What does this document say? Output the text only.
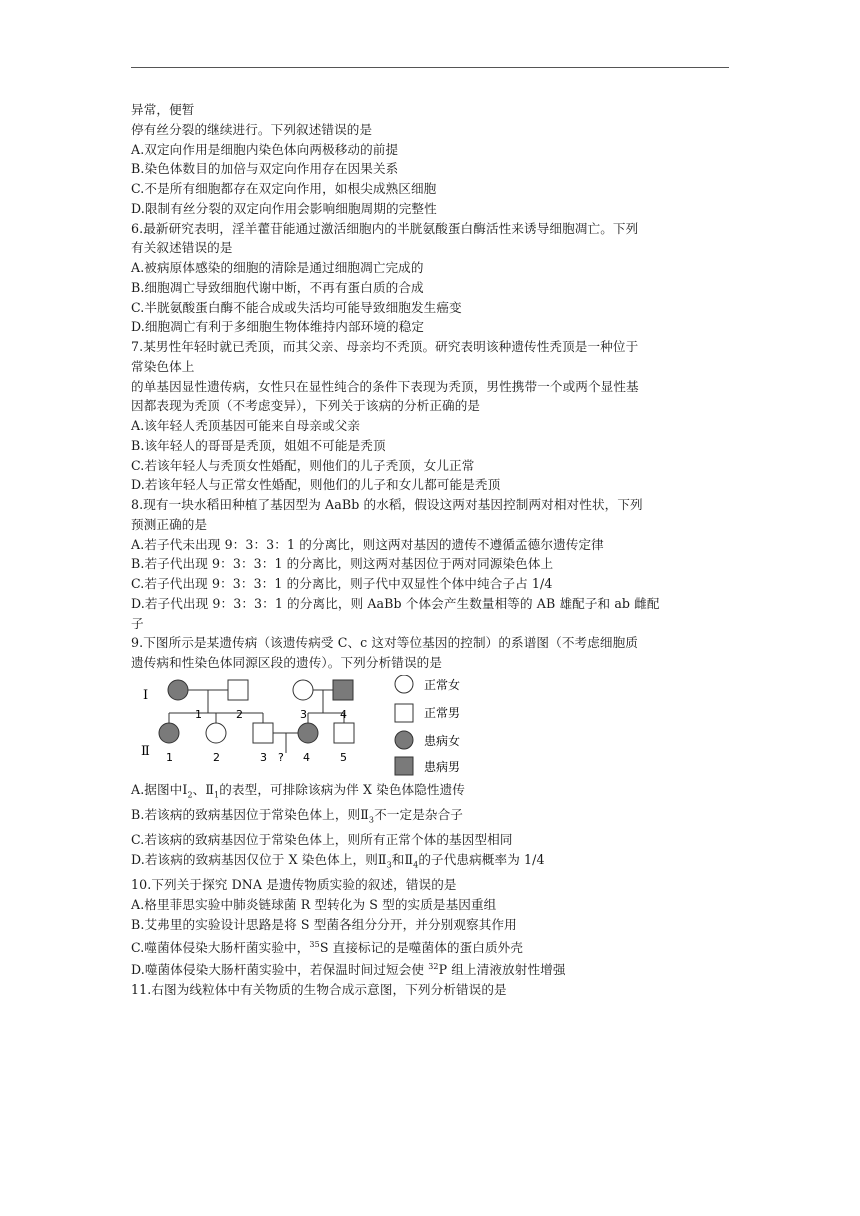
异常，便暂
停有丝分裂的继续进行。下列叙述错误的是
A.双定向作用是细胞内染色体向两极移动的前提
B.染色体数目的加倍与双定向作用存在因果关系
C.不是所有细胞都存在双定向作用，如根尖成熟区细胞
D.限制有丝分裂的双定向作用会影响细胞周期的完整性
6.最新研究表明，淫羊藿苷能通过激活细胞内的半胱氨酸蛋白酶活性来诱导细胞凋亡。下列
有关叙述错误的是
A.被病原体感染的细胞的清除是通过细胞凋亡完成的
B.细胞凋亡导致细胞代谢中断，不再有蛋白质的合成
C.半胱氨酸蛋白酶不能合成或失活均可能导致细胞发生癌变
D.细胞凋亡有利于多细胞生物体维持内部环境的稳定
7.某男性年轻时就已秃顶，而其父亲、母亲均不秃顶。研究表明该种遗传性秃顶是一种位于
常染色体上
的单基因显性遗传病，女性只在显性纯合的条件下表现为秃顶，男性携带一个或两个显性基
因都表现为秃顶（不考虑变异），下列关于该病的分析正确的是
A.该年轻人秃顶基因可能来自母亲或父亲
B.该年轻人的哥哥是秃顶，姐姐不可能是秃顶
C.若该年轻人与秃顶女性婚配，则他们的儿子秃顶，女儿正常
D.若该年轻人与正常女性婚配，则他们的儿子和女儿都可能是秃顶
8.现有一块水稻田种植了基因型为 AaBb 的水稻，假设这两对基因控制两对相对性状，下列
预测正确的是
A.若子代未出现 9：3：3：1 的分离比，则这两对基因的遗传不遵循孟德尔遗传定律
B.若子代出现 9：3：3：1 的分离比，则这两对基因位于两对同源染色体上
C.若子代出现 9：3：3：1 的分离比，则子代中双显性个体中纯合子占 1/4
D.若子代出现 9：3：3：1 的分离比，则 AaBb 个体会产生数量相等的 AB 雄配子和 ab 雌配
子
9.下图所示是某遗传病（该遗传病受 C、c 这对等位基因的控制）的系谱图（不考虑细胞质
遗传病和性染色体同源区段的遗传）。下列分析错误的是
Ⅰ
Ⅱ
1	2	3	4
1	2	3 ? 4	5
正常女
正常男
患病女
患病男
A.据图中$Ⅰ_2$、$Ⅱ_1$的表型，可排除该病为伴 X 染色体隐性遗传
B.若该病的致病基因位于常染色体上，则$Ⅱ_3$不一定是杂合子
C.若该病的致病基因位于常染色体上，则所有正常个体的基因型相同
D.若该病的致病基因仅位于 X 染色体上，则$Ⅱ_3$和$Ⅱ_4$的子代患病概率为 1/4
10.下列关于探究 DNA 是遗传物质实验的叙述，错误的是
A.格里菲思实验中肺炎链球菌 R 型转化为 S 型的实质是基因重组
B.艾弗里的实验设计思路是将 S 型菌各组分分开，并分别观察其作用
C.噬菌体侵染大肠杆菌实验中，$^{35}$S 直接标记的是噬菌体的蛋白质外壳
D.噬菌体侵染大肠杆菌实验中，若保温时间过短会使 $^{32}$P 组上清液放射性增强
11.右图为线粒体中有关物质的生物合成示意图，下列分析错误的是
